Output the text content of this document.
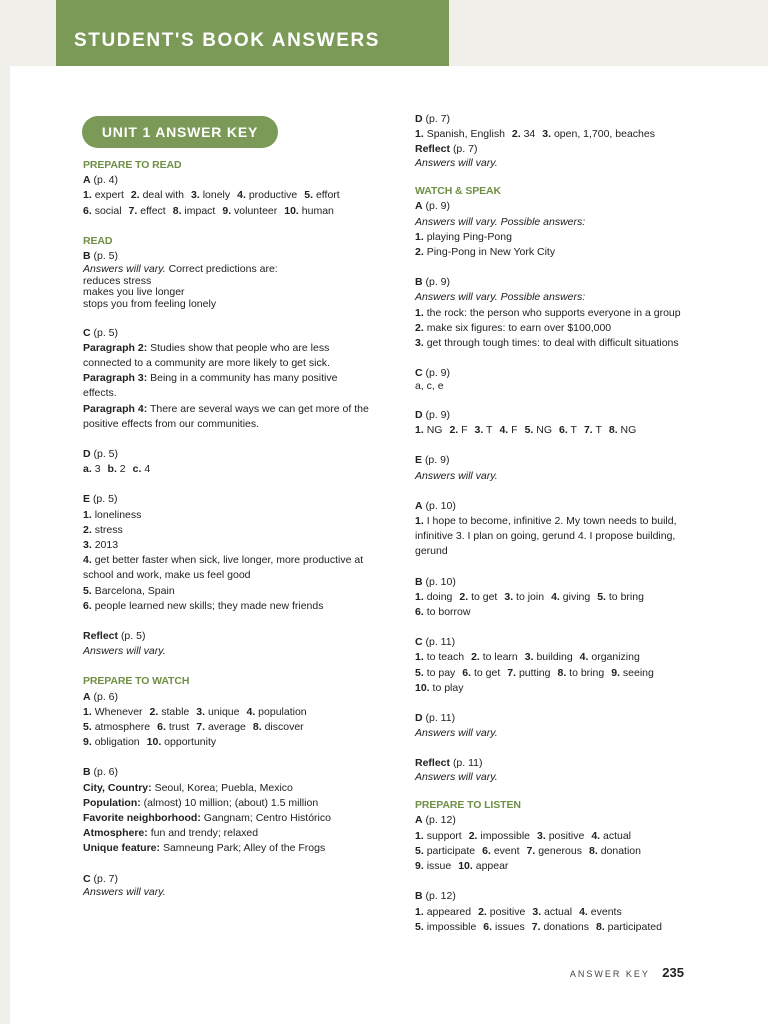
STUDENT'S BOOK ANSWERS
UNIT 1 ANSWER KEY
PREPARE TO READ
A (p. 4)
1. expert 2. deal with 3. lonely 4. productive 5. effort
6. social 7. effect 8. impact 9. volunteer 10. human
READ
B (p. 5)
Answers will vary. Correct predictions are:
reduces stress
makes you live longer
stops you from feeling lonely
C (p. 5)
Paragraph 2: Studies show that people who are less
connected to a community are more likely to get sick.
Paragraph 3: Being in a community has many positive
effects.
Paragraph 4: There are several ways we can get more of the
positive effects from our communities.
D (p. 5)
a. 3 b. 2 c. 4
E (p. 5)
1. loneliness
2. stress
3. 2013
4. get better faster when sick, live longer, more productive at
school and work, make us feel good
5. Barcelona, Spain
6. people learned new skills; they made new friends
Reflect (p. 5)
Answers will vary.
PREPARE TO WATCH
A (p. 6)
1. Whenever 2. stable 3. unique 4. population
5. atmosphere 6. trust 7. average 8. discover
9. obligation 10. opportunity
B (p. 6)
City, Country: Seoul, Korea; Puebla, Mexico
Population: (almost) 10 million; (about) 1.5 million
Favorite neighborhood: Gangnam; Centro Histórico
Atmosphere: fun and trendy; relaxed
Unique feature: Samneung Park; Alley of the Frogs
C (p. 7)
Answers will vary.
D (p. 7)
1. Spanish, English 2. 34 3. open, 1,700, beaches
Reflect (p. 7)
Answers will vary.
WATCH & SPEAK
A (p. 9)
Answers will vary. Possible answers:
1. playing Ping-Pong
2. Ping-Pong in New York City
B (p. 9)
Answers will vary. Possible answers:
1. the rock: the person who supports everyone in a group
2. make six figures: to earn over $100,000
3. get through tough times: to deal with difficult situations
C (p. 9)
a, c, e
D (p. 9)
1. NG 2. F 3. T 4. F 5. NG 6. T 7. T 8. NG
E (p. 9)
Answers will vary.
A (p. 10)
1. I hope to become, infinitive 2. My town needs to build,
infinitive 3. I plan on going, gerund 4. I propose building,
gerund
B (p. 10)
1. doing 2. to get 3. to join 4. giving 5. to bring
6. to borrow
C (p. 11)
1. to teach 2. to learn 3. building 4. organizing
5. to pay 6. to get 7. putting 8. to bring 9. seeing
10. to play
D (p. 11)
Answers will vary.
Reflect (p. 11)
Answers will vary.
PREPARE TO LISTEN
A (p. 12)
1. support 2. impossible 3. positive 4. actual
5. participate 6. event 7. generous 8. donation
9. issue 10. appear
B (p. 12)
1. appeared 2. positive 3. actual 4. events
5. impossible 6. issues 7. donations 8. participated
ANSWER KEY 235
